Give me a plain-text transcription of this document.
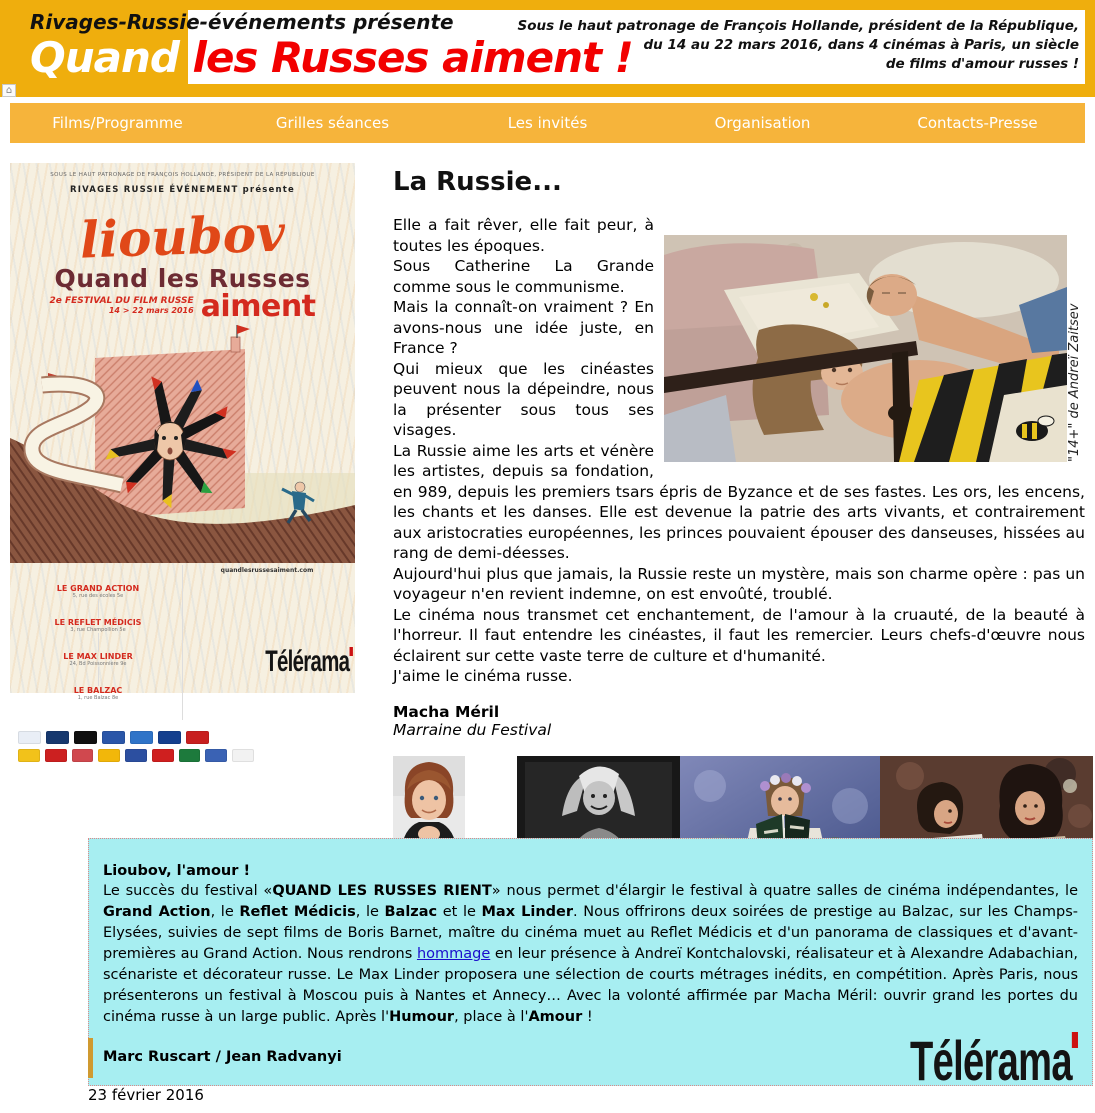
Rivages-Russie-événements présente
Quand les Russes aiment !
Sous le haut patronage de François Hollande, président de la République,
du 14 au 22 mars 2016, dans 4 cinémas à Paris, un siècle
de films d'amour russes !
⌂
Films/Programme	Grilles séances	Les invités	Organisation	Contacts-Presse
SOUS LE HAUT PATRONAGE DE FRANÇOIS HOLLANDE, PRÉSIDENT DE LA RÉPUBLIQUE
RIVAGES RUSSIE ÉVÉNEMENT présente
lioubov
Quand les Russes
2e FESTIVAL DU FILM RUSSE
14 > 22 mars 2016 aiment
LE GRAND ACTION
5, rue des écoles 5e
LE REFLET MÉDICIS
3, rue Champollion 5e
LE MAX LINDER
24, Bd Poissonnière 9e
LE BALZAC
1, rue Balzac 8e
quandlesrussesaiment.com
Télérama
La Russie...
"14+" de Andreï Zaitsev

Elle a fait rêver, elle fait peur, à toutes les époques.

Sous Catherine La Grande comme sous le communisme.

Mais la connaît-on vraiment ? En avons-nous une idée juste, en France ?

Qui mieux que les cinéastes peuvent nous la dépeindre, nous la présenter sous tous ses visages.

La Russie aime les arts et vénère les artistes, depuis sa fondation, en 989, depuis les premiers tsars épris de Byzance et de ses fastes. Les ors, les encens, les chants et les danses. Elle est devenue la patrie des arts vivants, et contrairement aux aristocraties européennes, les princes pouvaient épouser des danseuses, hissées au rang de demi-déesses.

Aujourd'hui plus que jamais, la Russie reste un mystère, mais son charme opère : pas un voyageur n'en revient indemne, on est envoûté, troublé.

Le cinéma nous transmet cet enchantement, de l'amour à la cruauté, de la beauté à l'horreur. Il faut entendre les cinéastes, il faut les remercier. Leurs chefs-d'œuvre nous éclairent sur cette vaste terre de culture et d'humanité.

J'aime le cinéma russe.

Macha Méril
Marraine du Festival
Lioubov, l'amour !
Le succès du festival «QUAND LES RUSSES RIENT» nous permet d'élargir le festival à quatre salles de cinéma indépendantes, le Grand Action, le Reflet Médicis, le Balzac et le Max Linder. Nous offrirons deux soirées de prestige au Balzac, sur les Champs-Elysées, suivies de sept films de Boris Barnet, maître du cinéma muet au Reflet Médicis et d'un panorama de classiques et d'avant-premières au Grand Action. Nous rendrons hommage en leur présence à Andreï Kontchalovski, réalisateur et à Alexandre Adabachian, scénariste et décorateur russe. Le Max Linder proposera une sélection de courts métrages inédits, en compétition. Après Paris, nous présenterons un festival à Moscou puis à Nantes et Annecy… Avec la volonté affirmée par Macha Méril: ouvrir grand les portes du cinéma russe à un large public. Après l'Humour, place à l'Amour !
Marc Ruscart / Jean Radvanyi	Télérama
23 février 2016
